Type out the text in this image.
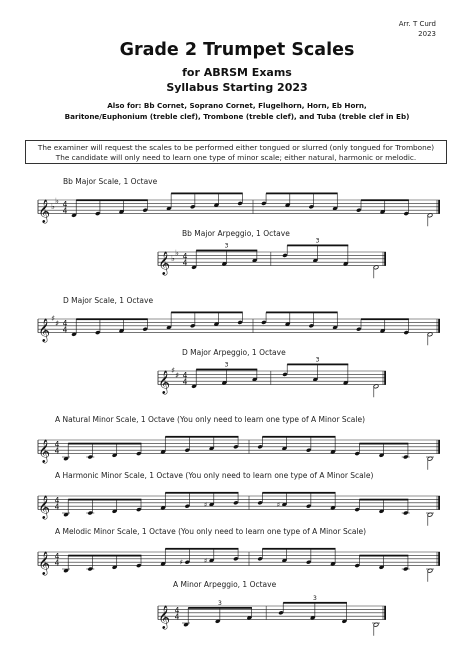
Arr. T Curd
2023
Grade 2 Trumpet Scales
for ABRSM Exams
Syllabus Starting 2023
Also for: Bb Cornet, Soprano Cornet, Flugelhorn, Horn, Eb Horn,
Baritone/Euphonium (treble clef), Trombone (treble clef), and Tuba (treble clef in Eb)
The examiner will request the scales to be performed either tongued or slurred (only tongued for Trombone)
The candidate will only need to learn one type of minor scale; either natural, harmonic or melodic.
Bb Major Scale, 1 Octave
Bb Major Arpeggio, 1 Octave
D Major Scale, 1 Octave
D Major Arpeggio, 1 Octave
A Natural Minor Scale, 1 Octave (You only need to learn one type of A Minor Scale)
A Harmonic Minor Scale, 1 Octave (You only need to learn one type of A Minor Scale)
A Melodic Minor Scale, 1 Octave (You only need to learn one type of A Minor Scale)
A Minor Arpeggio, 1 Octave
𝄞 ♭
♭ 4
4
𝄞 ♭
♭ 4
4
3
3
𝄞 ♯
♯ 4
4
𝄞 ♯
♯ 4
4
3
3
𝄞 4
4
𝄞 4
4	♯	♯
𝄞 4
4	♯	♯
𝄞 4
4
3
3
